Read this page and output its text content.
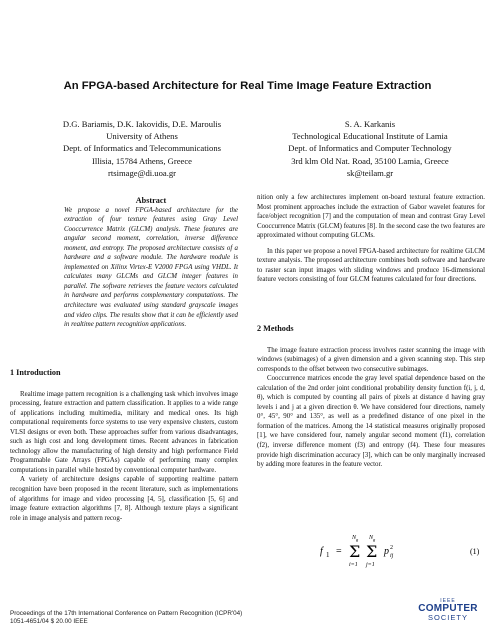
An FPGA-based Architecture for Real Time Image Feature Extraction
D.G. Bariamis, D.K. Iakovidis, D.E. Maroulis
University of Athens
Dept. of Informatics and Telecommunications
Illisia, 15784 Athens, Greece
rtsimage@di.uoa.gr
S. A. Karkanis
Technological Educational Institute of Lamia
Dept. of Informatics and Computer Technology
3rd klm Old Nat. Road, 35100 Lamia, Greece
sk@teilam.gr

Abstract

We propose a novel FPGA-based architecture for the extraction of four texture features using Gray Level Cooccurrence Matrix (GLCM) analysis. These features are angular second moment, correlation, inverse difference moment, and entropy. The proposed architecture consists of a hardware and a software module. The hardware module is implemented on Xilinx Virtex-E V2000 FPGA using VHDL. It calculates many GLCMs and GLCM integer features in parallel. The software retrieves the feature vectors calculated in hardware and performs complementary computations. The architecture was evaluated using standard grayscale images and video clips. The results show that it can be efficiently used in realtime pattern recognition applications.

1 Introduction

Realtime image pattern recognition is a challenging task which involves image processing, feature extraction and pattern classification. It applies to a wide range of applications including multimedia, military and medical ones. Its high computational requirements force systems to use very expensive clusters, custom VLSI designs or even both. These approaches suffer from various disadvantages, such as high cost and long development times. Recent advances in fabrication technology allow the manufacturing of high density and high performance Field Programmable Gate Arrays (FPGAs) capable of performing many complex computations in parallel while hosted by conventional computer hardware.

A variety of architecture designs capable of supporting realtime pattern recognition have been proposed in the recent literature, such as implementations of algorithms for image and video processing [4, 5], classification [5, 6] and image feature extraction algorithms [7, 8]. Although texture plays a significant role in image analysis and pattern recog-

nition only a few architectures implement on-board textural feature extraction. Most prominent approaches include the extraction of Gabor wavelet features for face/object recognition [7] and the computation of mean and contrast Gray Level Cooccurrence Matrix (GLCM) features [8]. In the second case the two features are approximated without computing GLCMs.

In this paper we propose a novel FPGA-based architecture for realtime GLCM texture analysis. The proposed architecture combines both software and hardware to raster scan input images with sliding windows and produce 16-dimensional feature vectors consisting of four GLCM features calculated for four directions.

2 Methods

The image feature extraction process involves raster scanning the image with windows (subimages) of a given dimension and a given scanning step. This step corresponds to the offset between two consecutive subimages.

Cooccurrence matrices encode the gray level spatial dependence based on the calculation of the 2nd order joint conditional probability density function f(i, j, d, θ), which is computed by counting all pairs of pixels at distance d having gray levels i and j at a given direction θ. We have considered four directions, namely 0°, 45°, 90° and 135°, as well as a predefined distance of one pixel in the formation of the matrices. Among the 14 statistical measures originally proposed [1], we have considered four, namely angular second moment (f1), correlation (f2), inverse difference moment (f3) and entropy (f4). These four measures provide high discrimination accuracy [3], which can be only marginally increased by adding more features in the feature vector.

f 1 =
N g
Σ
i=1
N g
Σ
j=1
p 2
ij	(1)
Proceedings of the 17th International Conference on Pattern Recognition (ICPR'04)
1051-4651/04 $ 20.00 IEEE
IEEE
COMPUTER
SOCIETY
